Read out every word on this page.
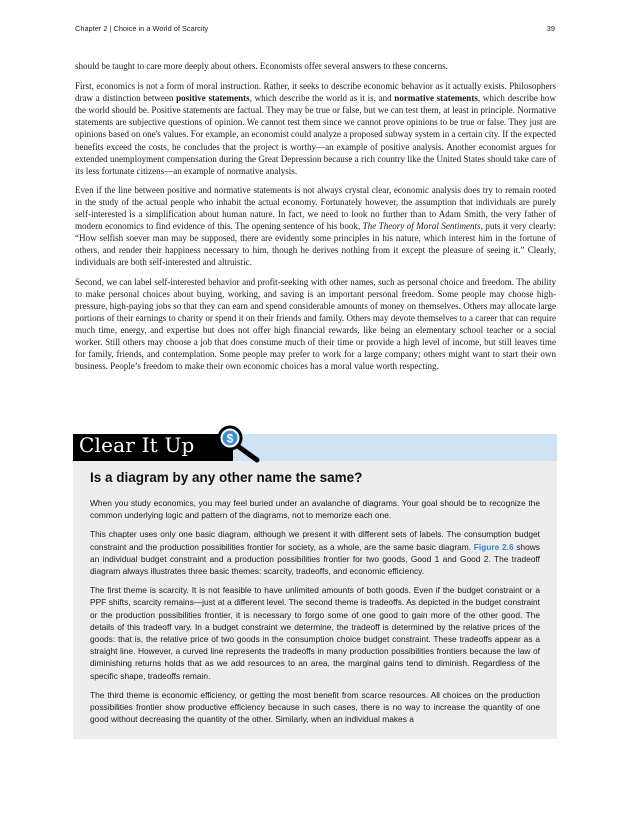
Chapter 2 | Choice in a World of Scarcity	39

should be taught to care more deeply about others. Economists offer several answers to these concerns.

First, economics is not a form of moral instruction. Rather, it seeks to describe economic behavior as it actually exists. Philosophers draw a distinction between positive statements, which describe the world as it is, and normative statements, which describe how the world should be. Positive statements are factual. They may be true or false, but we can test them, at least in principle. Normative statements are subjective questions of opinion. We cannot test them since we cannot prove opinions to be true or false. They just are opinions based on one's values. For example, an economist could analyze a proposed subway system in a certain city. If the expected benefits exceed the costs, he concludes that the project is worthy—an example of positive analysis. Another economist argues for extended unemployment compensation during the Great Depression because a rich country like the United States should take care of its less fortunate citizens—an example of normative analysis.

Even if the line between positive and normative statements is not always crystal clear, economic analysis does try to remain rooted in the study of the actual people who inhabit the actual economy. Fortunately however, the assumption that individuals are purely self-interested is a simplification about human nature. In fact, we need to look no further than to Adam Smith, the very father of modern economics to find evidence of this. The opening sentence of his book, The Theory of Moral Sentiments, puts it very clearly: “How selfish soever man may be supposed, there are evidently some principles in his nature, which interest him in the fortune of others, and render their happiness necessary to him, though he derives nothing from it except the pleasure of seeing it.” Clearly, individuals are both self-interested and altruistic.

Second, we can label self-interested behavior and profit-seeking with other names, such as personal choice and freedom. The ability to make personal choices about buying, working, and saving is an important personal freedom. Some people may choose high-pressure, high-paying jobs so that they can earn and spend considerable amounts of money on themselves. Others may allocate large portions of their earnings to charity or spend it on their friends and family. Others may devote themselves to a career that can require much time, energy, and expertise but does not offer high financial rewards, like being an elementary school teacher or a social worker. Still others may choose a job that does consume much of their time or provide a high level of income, but still leaves time for family, friends, and contemplation. Some people may prefer to work for a large company; others might want to start their own business. People’s freedom to make their own economic choices has a moral value worth respecting.

Clear It Up	$
Is a diagram by any other name the same?

When you study economics, you may feel buried under an avalanche of diagrams. Your goal should be to recognize the common underlying logic and pattern of the diagrams, not to memorize each one.

This chapter uses only one basic diagram, although we present it with different sets of labels. The consumption budget constraint and the production possibilities frontier for society, as a whole, are the same basic diagram. Figure 2.6 shows an individual budget constraint and a production possibilities frontier for two goods, Good 1 and Good 2. The tradeoff diagram always illustrates three basic themes: scarcity, tradeoffs, and economic efficiency.

The first theme is scarcity. It is not feasible to have unlimited amounts of both goods. Even if the budget constraint or a PPF shifts, scarcity remains—just at a different level. The second theme is tradeoffs. As depicted in the budget constraint or the production possibilities frontier, it is necessary to forgo some of one good to gain more of the other good. The details of this tradeoff vary. In a budget constraint we determine, the tradeoff is determined by the relative prices of the goods: that is, the relative price of two goods in the consumption choice budget constraint. These tradeoffs appear as a straight line. However, a curved line represents the tradeoffs in many production possibilities frontiers because the law of diminishing returns holds that as we add resources to an area, the marginal gains tend to diminish. Regardless of the specific shape, tradeoffs remain.

The third theme is economic efficiency, or getting the most benefit from scarce resources. All choices on the production possibilities frontier show productive efficiency because in such cases, there is no way to increase the quantity of one good without decreasing the quantity of the other. Similarly, when an individual makes a
